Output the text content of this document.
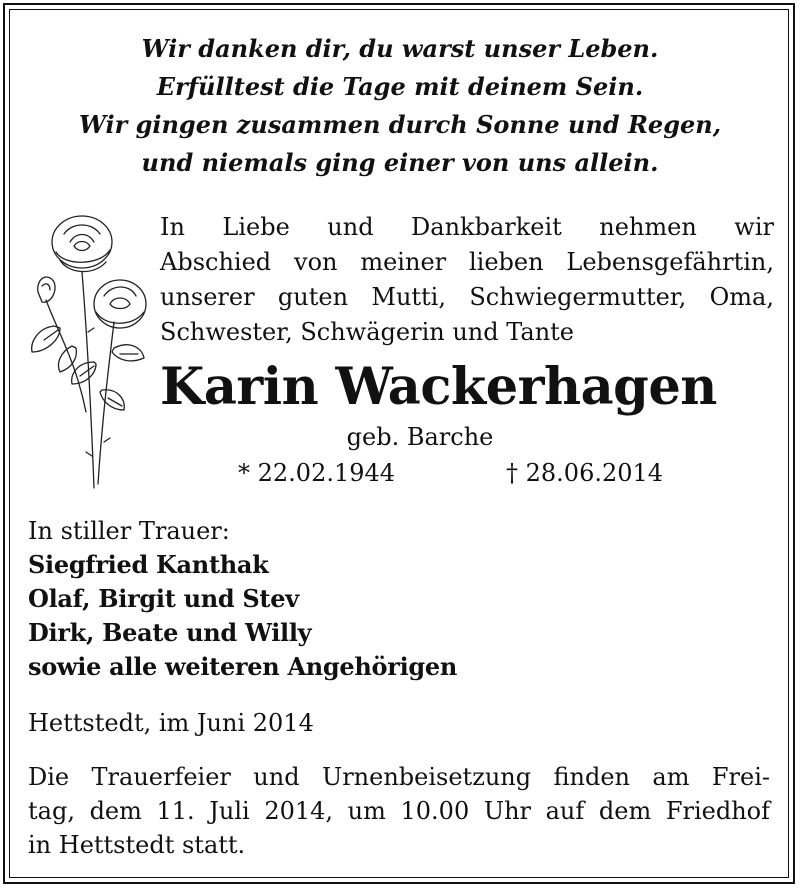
Wir danken dir, du warst unser Leben.
Erfülltest die Tage mit deinem Sein.
Wir gingen zusammen durch Sonne und Regen,
und niemals ging einer von uns allein.
In Liebe und Dankbarkeit nehmen wir
Abschied von meiner lieben Lebensgefährtin,
unserer guten Mutti, Schwiegermutter, Oma,
Schwester, Schwägerin und Tante
Karin Wackerhagen
geb. Barche
* 22.02.1944	† 28.06.2014
In stiller Trauer:
Siegfried Kanthak
Olaf, Birgit und Stev
Dirk, Beate und Willy
sowie alle weiteren Angehörigen
Hettstedt, im Juni 2014
Die Trauerfeier und Urnenbeisetzung finden am Frei-
tag, dem 11. Juli 2014, um 10.00 Uhr auf dem Friedhof
in Hettstedt statt.
